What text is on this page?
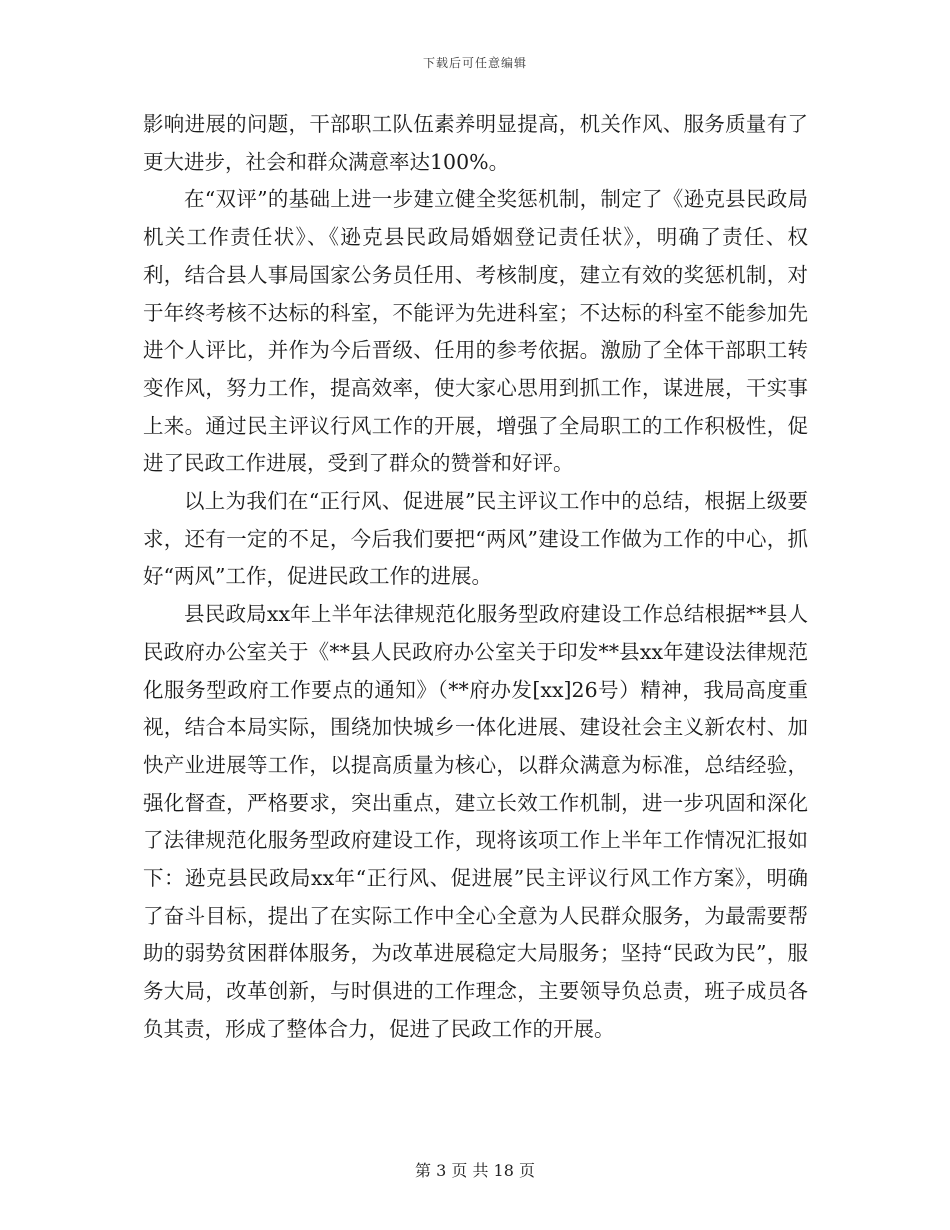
下载后可任意编辑

影响进展的问题，干部职工队伍素养明显提高，机关作风、服务质量有了更大进步，社会和群众满意率达100%。

在“双评”的基础上进一步建立健全奖惩机制，制定了《逊克县民政局机关工作责任状》、《逊克县民政局婚姻登记责任状》，明确了责任、权利，结合县人事局国家公务员任用、考核制度，建立有效的奖惩机制，对于年终考核不达标的科室，不能评为先进科室；不达标的科室不能参加先进个人评比，并作为今后晋级、任用的参考依据。激励了全体干部职工转变作风，努力工作，提高效率，使大家心思用到抓工作，谋进展，干实事上来。通过民主评议行风工作的开展，增强了全局职工的工作积极性，促进了民政工作进展，受到了群众的赞誉和好评。

以上为我们在“正行风、促进展”民主评议工作中的总结，根据上级要求，还有一定的不足，今后我们要把“两风”建设工作做为工作的中心，抓好“两风”工作，促进民政工作的进展。

县民政局xx年上半年法律规范化服务型政府建设工作总结根据**县人民政府办公室关于《**县人民政府办公室关于印发**县xx年建设法律规范化服务型政府工作要点的通知》（**府办发[xx]26号）精神，我局高度重视，结合本局实际，围绕加快城乡一体化进展、建设社会主义新农村、加快产业进展等工作，以提高质量为核心，以群众满意为标准，总结经验，强化督查，严格要求，突出重点，建立长效工作机制，进一步巩固和深化了法律规范化服务型政府建设工作，现将该项工作上半年工作情况汇报如下：逊克县民政局xx年“正行风、促进展”民主评议行风工作方案》，明确了奋斗目标，提出了在实际工作中全心全意为人民群众服务，为最需要帮助的弱势贫困群体服务，为改革进展稳定大局服务；坚持“民政为民”，服务大局，改革创新，与时俱进的工作理念，主要领导负总责，班子成员各负其责，形成了整体合力，促进了民政工作的开展。

第 3 页 共 18 页
